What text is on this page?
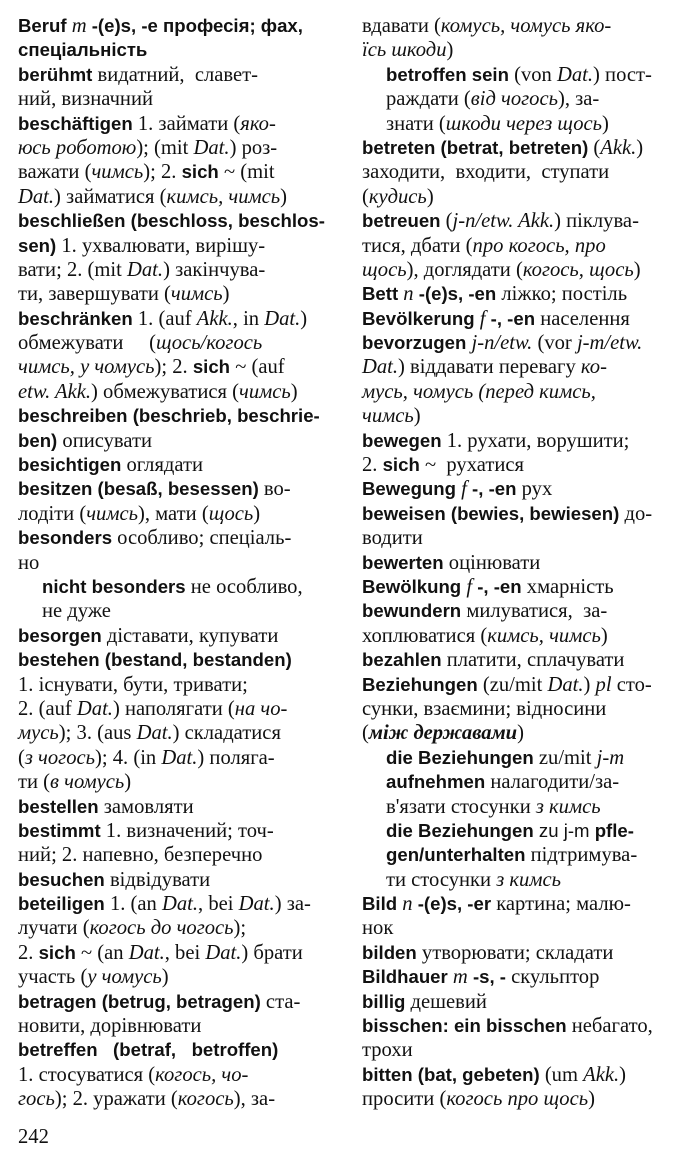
Beruf m -(e)s, -e професія; фах,
спеціальність
berühmt видатний,  славет-
ний, визначний
beschäftigen 1. займати (яко-
юсь роботою); (mit Dat.) роз-
важати (чимсь); 2. sich ~ (mit
Dat.) займатися (кимсь, чимсь)
beschließen (beschloss, beschlos-
sen) 1. ухвалювати, вирішу-
вати; 2. (mit Dat.) закінчува-
ти, завершувати (чимсь)
beschränken 1. (auf Akk., in Dat.)
обмежувати     (щось/когось
чимсь, у чомусь); 2. sich ~ (auf
etw. Akk.) обмежуватися (чимсь)
beschreiben (beschrieb, beschrie-
ben) описувати
besichtigen оглядати
besitzen (besaß, besessen) во-
лодіти (чимсь), мати (щось)
besonders особливо; спеціаль-
но
nicht besonders не особливо,
не дуже
besorgen діставати, купувати
bestehen (bestand, bestanden)
1. існувати, бути, тривати;
2. (auf Dat.) наполягати (на чо-
мусь); 3. (aus Dat.) складатися
(з чогось); 4. (in Dat.) поляга-
ти (в чомусь)
bestellen замовляти
bestimmt 1. визначений; точ-
ний; 2. напевно, безперечно
besuchen відвідувати
beteiligen 1. (an Dat., bei Dat.) за-
лучати (когось до чогось);
2. sich ~ (an Dat., bei Dat.) брати
участь (у чомусь)
betragen (betrug, betragen) ста-
новити, дорівнювати
betreffen   (betraf,   betroffen)
1. стосуватися (когось, чо-
гось); 2. уражати (когось), за-
вдавати (комусь, чомусь яко-
їсь шкоди)
betroffen sein (von Dat.) пост-
раждати (від чогось), за-
знати (шкоди через щось)
betreten (betrat, betreten) (Akk.)
заходити,  входити,  ступати
(кудись)
betreuen (j-n/etw. Akk.) піклува-
тися, дбати (про когось, про
щось), доглядати (когось, щось)
Bett n -(e)s, -en ліжко; постіль
Bevölkerung f -, -en населення
bevorzugen j-n/etw. (vor j-m/etw.
Dat.) віддавати перевагу ко-
мусь, чомусь (перед кимсь,
чимсь)
bewegen 1. рухати, ворушити;
2. sich ~  рухатися
Bewegung f -, -en рух
beweisen (bewies, bewiesen) до-
водити
bewerten оцінювати
Bewölkung f -, -en хмарність
bewundern милуватися,  за-
хоплюватися (кимсь, чимсь)
bezahlen платити, сплачувати
Beziehungen (zu/mit Dat.) pl сто-
сунки, взаємини; відносини
(між державами)
die Beziehungen zu/mit j-m
aufnehmen налагодити/за-
в'язати стосунки з кимсь
die Beziehungen zu j-m pfle-
gen/unterhalten підтримува-
ти стосунки з кимсь
Bild n -(e)s, -er картина; малю-
нок
bilden утворювати; складати
Bildhauer m -s, - скульптор
billig дешевий
bisschen: ein bisschen небагато,
трохи
bitten (bat, gebeten) (um Akk.)
просити (когось про щось)
242
